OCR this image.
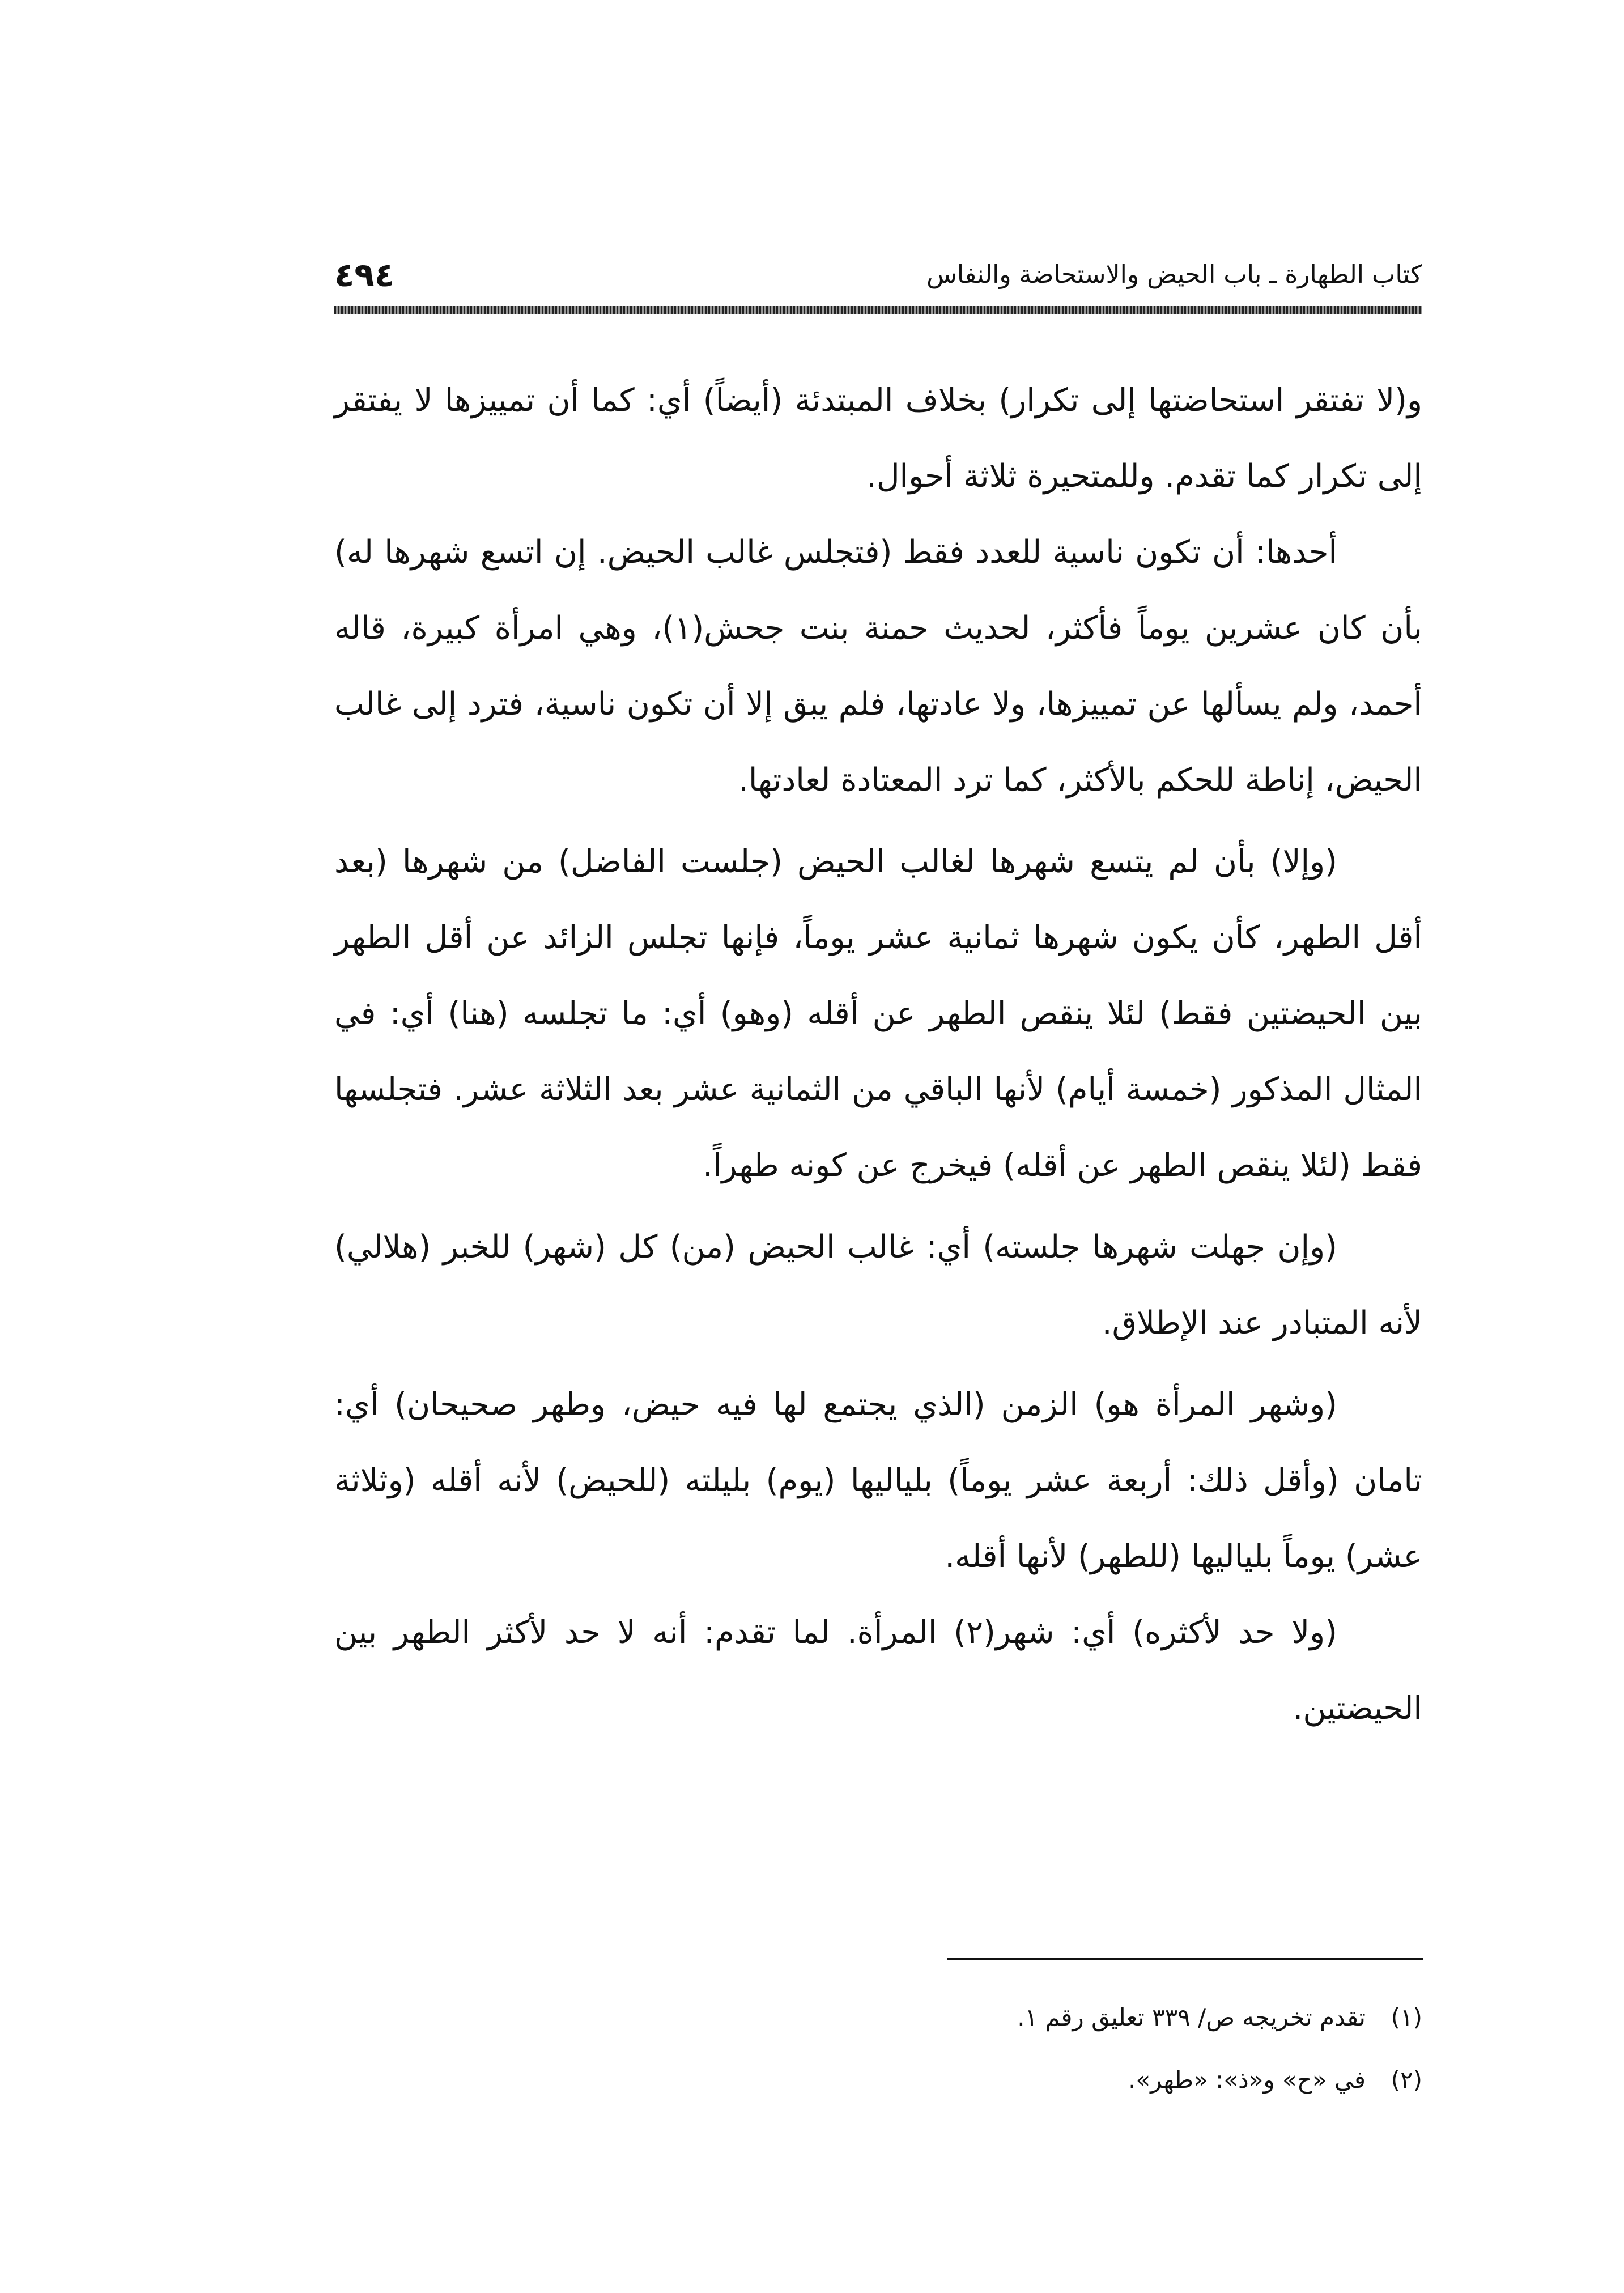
٤٩٤	كتاب الطهارة ـ باب الحيض والاستحاضة والنفاس

و(لا تفتقر استحاضتها إلى تكرار) بخلاف المبتدئة (أيضاً) أي: كما أن تمييزها لا يفتقر إلى تكرار كما تقدم. وللمتحيرة ثلاثة أحوال.

أحدها: أن تكون ناسية للعدد فقط (فتجلس غالب الحيض. إن اتسع شهرها له) بأن كان عشرين يوماً فأكثر، لحديث حمنة بنت جحش(١)، وهي امرأة كبيرة، قاله أحمد، ولم يسألها عن تمييزها، ولا عادتها، فلم يبق إلا أن تكون ناسية، فترد إلى غالب الحيض، إناطة للحكم بالأكثر، كما ترد المعتادة لعادتها.

(وإلا) بأن لم يتسع شهرها لغالب الحيض (جلست الفاضل) من شهرها (بعد أقل الطهر، كأن يكون شهرها ثمانية عشر يوماً، فإنها تجلس الزائد عن أقل الطهر بين الحيضتين فقط) لئلا ينقص الطهر عن أقله (وهو) أي: ما تجلسه (هنا) أي: في المثال المذكور (خمسة أيام) لأنها الباقي من الثمانية عشر بعد الثلاثة عشر. فتجلسها فقط (لئلا ينقص الطهر عن أقله) فيخرج عن كونه طهراً.

(وإن جهلت شهرها جلسته) أي: غالب الحيض (من) كل (شهر) للخبر (هلالي) لأنه المتبادر عند الإطلاق.

(وشهر المرأة هو) الزمن (الذي يجتمع لها فيه حيض، وطهر صحيحان) أي: تامان (وأقل ذلك: أربعة عشر يوماً) بلياليها (يوم) بليلته (للحيض) لأنه أقله (وثلاثة عشر) يوماً بلياليها (للطهر) لأنها أقله.

(ولا حد لأكثره) أي: شهر(٢) المرأة. لما تقدم: أنه لا حد لأكثر الطهر بين الحيضتين.

(١)
تقدم تخريجه ص/ ٣٣٩ تعليق رقم ١.
(٢)
في «ح» و«ذ»: «طهر».
